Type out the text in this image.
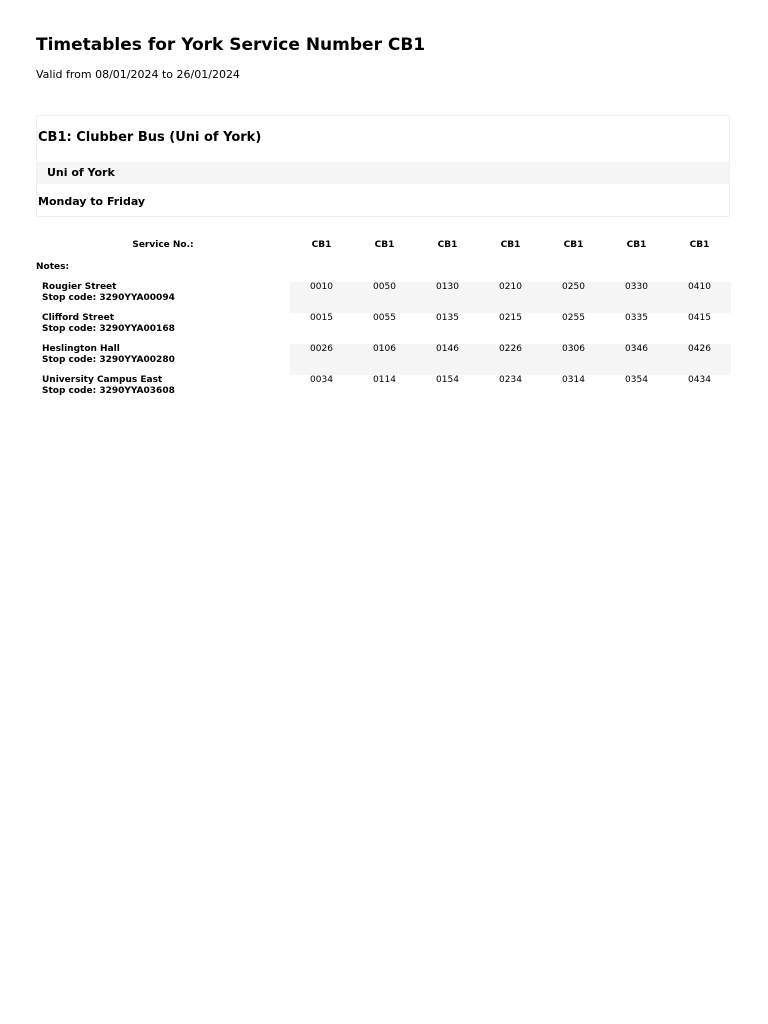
Timetables for York Service Number CB1
Valid from 08/01/2024 to 26/01/2024
CB1: Clubber Bus (Uni of York)
Uni of York
Monday to Friday
Service No.:	CB1	CB1	CB1	CB1	CB1	CB1	CB1
Notes:							

Rougier Street
Stop code: 3290YYA00094	0010	0050	0130	0210	0250	0330	0410

Clifford Street
Stop code: 3290YYA00168	0015	0055	0135	0215	0255	0335	0415

Heslington Hall
Stop code: 3290YYA00280	0026	0106	0146	0226	0306	0346	0426

University Campus East
Stop code: 3290YYA03608	0034	0114	0154	0234	0314	0354	0434
